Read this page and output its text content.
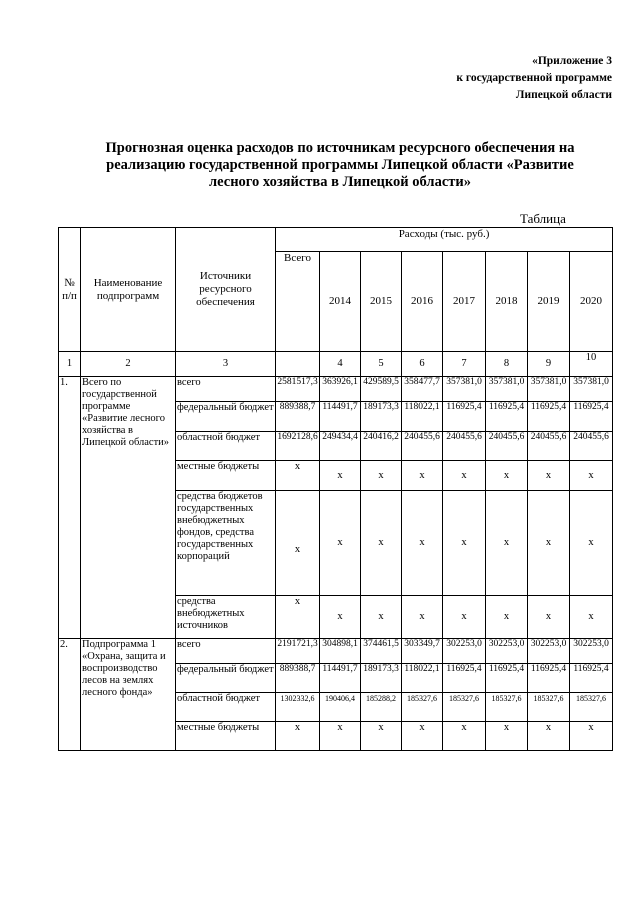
«Приложение 3
к государственной программе
Липецкой области
Прогнозная оценка расходов по источникам ресурсного обеспечения на
реализацию государственной программы Липецкой области «Развитие
лесного хозяйства в Липецкой области»
Таблица
№ п/п	Наименование подпрограмм	Источники ресурсного обеспечения	Расходы (тыс. руб.)							
			Всего	2014	2015	2016	2017	2018	2019	2020
1	2	3		4	5	6	7	8	9	10
1.	Всего по государственной программе «Развитие лесного хозяйства в Липецкой области»	всего	2581517,3	363926,1	429589,5	358477,7	357381,0	357381,0	357381,0	357381,0
		федеральный бюджет	889388,7	114491,7	189173,3	118022,1	116925,4	116925,4	116925,4	116925,4
		областной бюджет	1692128,6	249434,4	240416,2	240455,6	240455,6	240455,6	240455,6	240455,6
		местные бюджеты	x	x	x	x	x	x	x	x
		средства бюджетов государственных внебюджетных фондов, средства государственных корпораций	x	x	x	x	x	x	x	x
		средства внебюджетных источников	x	x	x	x	x	x	x	x
2.	Подпрограмма 1 «Охрана, защита и воспроизводство лесов на землях лесного фонда»	всего	2191721,3	304898,1	374461,5	303349,7	302253,0	302253,0	302253,0	302253,0
		федеральный бюджет	889388,7	114491,7	189173,3	118022,1	116925,4	116925,4	116925,4	116925,4
		областной бюджет	1302332,6	190406,4	185288,2	185327,6	185327,6	185327,6	185327,6	185327,6
		местные бюджеты	x	x	x	x	x	x	x	x
